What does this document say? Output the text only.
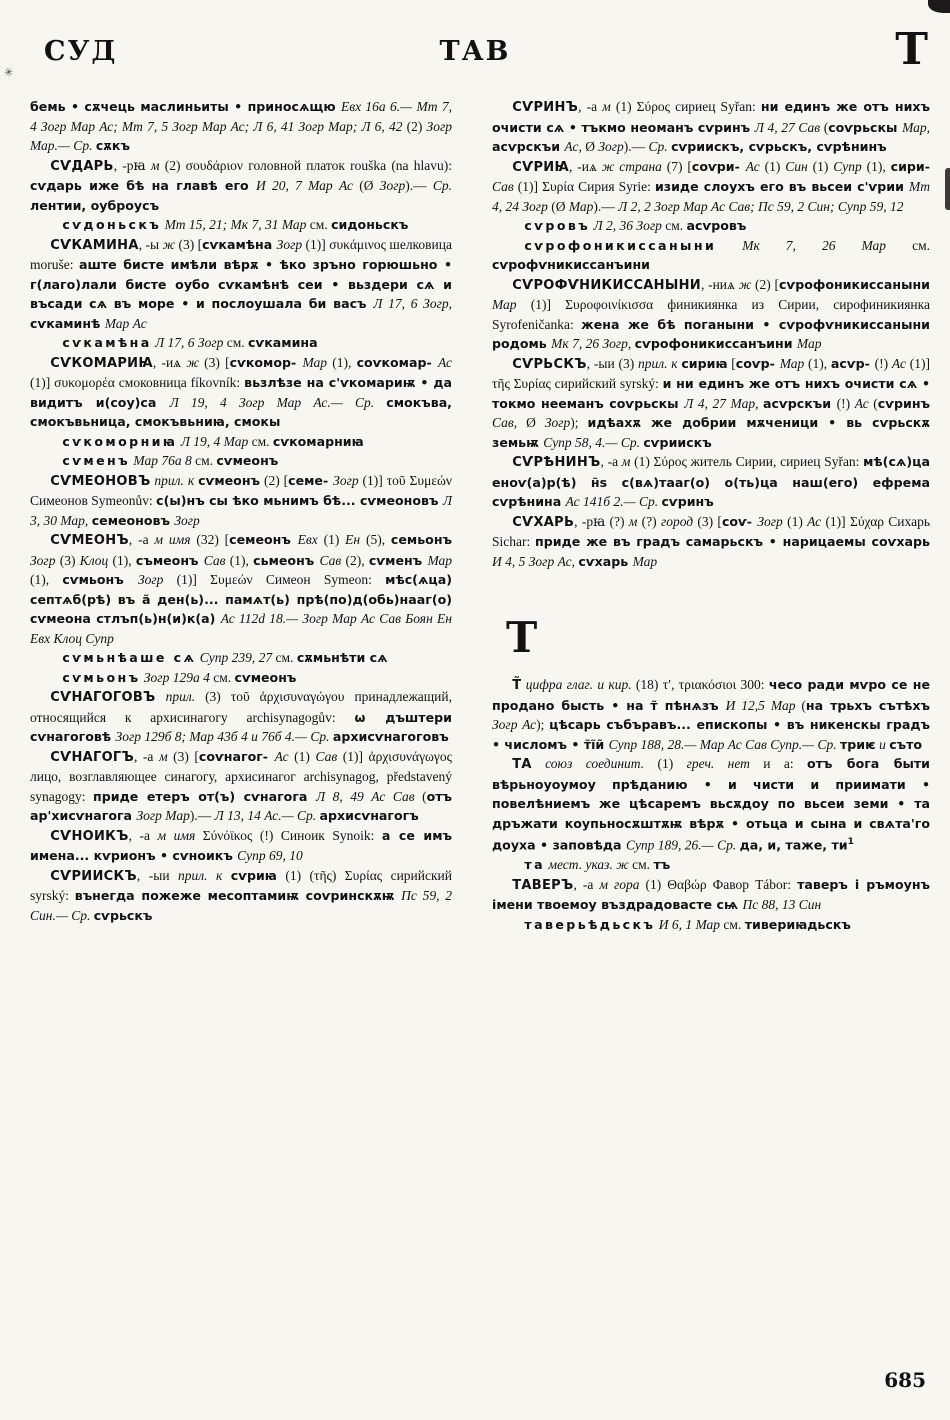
✳
СУД	ТАВ	Т

бемь • сѫчець маслиньиты • приносѧщю Евх 16а 6.— Мт 7, 4 Зогр Мар Ас; Мт 7, 5 Зогр Мар Ас; Л 6, 41 Зогр Мар; Л 6, 42 (2) Зогр Мар.— Ср. сѫкъ

СѴДАРЬ, -рꙗ м (2) σουδάριον головной платок rouška (na hlavu): сѵдарь иже бѣ на главѣ его И 20, 7 Мар Ас (Ø Зогр).— Ср. лентии, оуброусъ

сѵдоньскъ Мт 15, 21; Мк 7, 31 Мар см. сидоньскъ

СѴКАМИНА, -ы ж (3) [сѵкамѣна Зогр (1)] συκάμινος шелковица moruše: аште бисте имѣли вѣрѫ • ѣко зръно горюшьно • г(лаго)лали бисте оубо сѵкамѣнѣ сеи • вьздери сѧ и въсади сѧ въ море • и послоушала би васъ Л 17, 6 Зогр, сѵкаминѣ Мар Ас

сѵкамѣна Л 17, 6 Зогр см. сѵкамина

СѴКОМАРИꙖ, -иѧ ж (3) [сѵкомор- Мар (1), соѵкомар- Ас (1)] συκομορέα смоковница fíkovník: вьзлѣзе на с'ѵкомариѭ • да видитъ и(соу)са Л 19, 4 Зогр Мар Ас.— Ср. смокъва, смокъвьница, смокъвьниꙗ, смокы

сѵкоморниꙗ Л 19, 4 Мар см. сѵкомарниꙗ

сѵменъ Мар 76а 8 см. сѵмеонъ

СѴМЕОНОВЪ прил. к сѵмеонъ (2) [семе- Зогр (1)] τοῦ Συμεών Симеонов Symeonův: с(ы)нъ сы ѣко мьнимъ бѣ... сѵмеоновъ Л 3, 30 Мар, семеоновъ Зогр

СѴМЕОНЪ, -а м имя (32) [семеонъ Евх (1) Ен (5), семьонъ Зогр (3) Клоц (1), съмеонъ Сав (1), сьмеонъ Сав (2), сѵменъ Мар (1), сѵмьонъ Зогр (1)] Συμεών Симеон Symeon: мѣс(ѧца) септѧб(рѣ) въ а̃ ден(ь)... памѧт(ь) прѣ(по)д(обь)нааг(о) сѵмеона стлъп(ь)н(и)к(а) Ас 112d 18.— Зогр Мар Ас Сав Боян Ен Евх Клоц Супр

сѵмьнѣаше сѧ Супр 239, 27 см. сѫмьнѣти сѧ

сѵмьонъ Зогр 129а 4 см. сѵмеонъ

СѴНАГОГОВЪ прил. (3) τοῦ ἀρχισυναγώγου принадлежащий, относящийся к архисинагогу archisynagogův: ω дъштери сѵнагоговѣ Зогр 129б 8; Мар 43б 4 и 76б 4.— Ср. архисѵнагоговъ

СѴНАГОГЪ, -а м (3) [соѵнагог- Ас (1) Сав (1)] ἀρχισυνάγωγος лицо, возглавляющее синагогу, архисинагог archisynagog, představený synagogy: приде етеръ от(ъ) сѵнагога Л 8, 49 Ас Сав (отъ ар'хисѵнагога Зогр Мар).— Л 13, 14 Ас.— Ср. архисѵнагогъ

СѴНОИКЪ, -а м имя Σύνόϊκος (!) Синоик Synoik: а се имъ имена... кѵрионъ • сѵноикъ Супр 69, 10

СѴРИИСКЪ, -ыи прил. к сѵриꙗ (1) (τῆς) Συρίας сирийский syrský: вънегда пожеже месоптамиѭ соѵринскѫѭ Пс 59, 2 Син.— Ср. сѵрьскъ

СѴРИНЪ, -а м (1) Σύρος сириец Syřan: ни единъ же отъ нихъ очисти сѧ • тъкмо неоманъ сѵринъ Л 4, 27 Сав (соѵрьскы Мар, асѵрскъи Ас, Ø Зогр).— Ср. сѵриискъ, сѵрьскъ, сѵрѣнинъ

СѴРИꙖ, -иѧ ж страна (7) [соѵри- Ас (1) Син (1) Супр (1), сири- Сав (1)] Συρία Сирия Syrie: изиде слоухъ его въ вьсеи с'ѵрии Мт 4, 24 Зогр (Ø Мар).— Л 2, 2 Зогр Мар Ас Сав; Пс 59, 2 Син; Супр 59, 12

сѵровъ Л 2, 36 Зогр см. асѵровъ

сѵрофоникиссаныни Мк 7, 26 Мар см. сѵрофѵникиссанъини

СѴРОФѴНИКИССАНЫНИ, -ниѧ ж (2) [сѵрофоникиссаныни Мар (1)] Συροφοινίκισσα финикиянка из Сирии, сирофиникиянка Syrofeničanka: жена же бѣ поганыни • сѵрофѵникиссаныни родомь Мк 7, 26 Зогр, сѵрофоникиссанъини Мар

СѴРЬСКЪ, -ыи (3) прил. к сириꙗ [соѵр- Мар (1), асѵр- (!) Ас (1)] τῆς Συρίας сирийский syrský: и ни единъ же отъ нихъ очисти сѧ • токмо нееманъ соѵрьскы Л 4, 27 Мар, асѵрскъи (!) Ас (сѵринъ Сав, Ø Зогр); идѣахѫ же добрии мѫченици • вь сѵрьскѫ земьѭ Супр 58, 4.— Ср. сѵриискъ

СѴРѢНИНЪ, -а м (1) Σύρος житель Сирии, сириец Syřan: мѣ(сѧ)ца еноѵ(а)р(ѣ) н̃ѕ с(вѧ)тааг(о) о(ть)ца наш(его) ефрема сѵрѣнина Ас 141б 2.— Ср. сѵринъ

СѴХАРЬ, -рꙗ (?) м (?) город (3) [соѵ- Зогр (1) Ас (1)] Σύχαρ Сихарь Sichar: приде же въ градъ самарьскъ • нарицаемы соѵхарь И 4, 5 Зогр Ас, сѵхарь Мар

Т

Т̃ цифра глаг. и кир. (18) τ′, τριακόσιοι 300: чесо ради мѵро се не продано бысть • на т̃ пѣнѧзъ И 12,5 Мар (на трьхъ сътѣхъ Зогр Ас); цѣсарь събъравъ... епископы • въ никенскы градъ • числомъ • т̃і̃и̃ Супр 188, 28.— Мар Ас Сав Супр.— Ср. триѥ и съто

ТА союз соединит. (1) греч. нет и a: отъ бога быти вѣрьноуоумоу прѣданию • и чисти и приимати • повелѣниемъ же цѣсаремъ вьсѫдоу по вьсеи земи • та дръжати коупьносѫштѫѭ вѣрѫ • отьца и сына и свѧта'го доуха • заповѣда Супр 189, 26.— Ср. да, и, таже, $ти^1$

та мест. указ. ж см. тъ

ТАВЕРЪ, -а м гора (1) Θαβώρ Фавор Tábor: таверъ і ръмоунъ імени твоемоу въздрадовасте сѩ Пс 88, 13 Син

таверьѣдьскъ И 6, 1 Мар см. тивериꙗдьскъ

685
